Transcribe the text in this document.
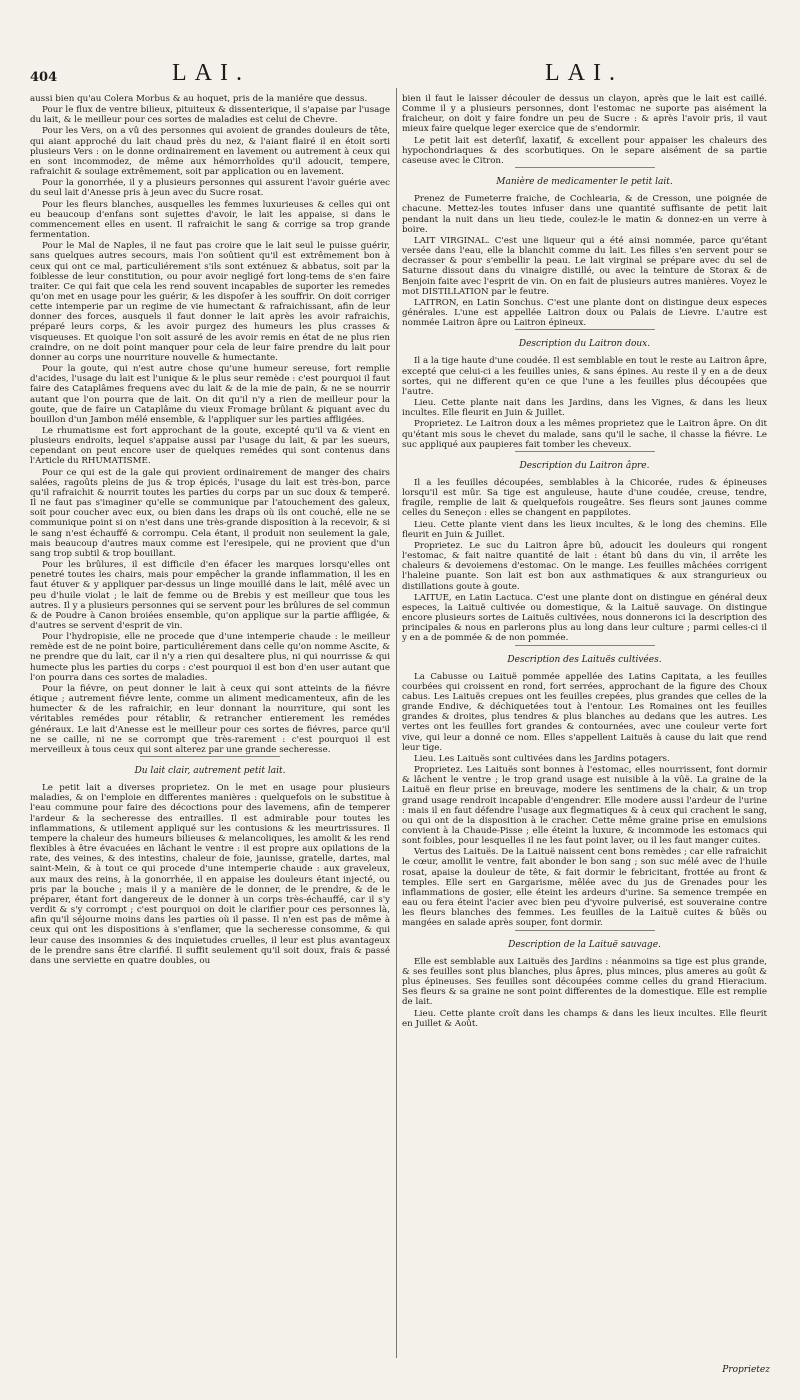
404	LAI.	LAI.

aussi bien qu'au Colera Morbus & au hoquet, pris de la maniére que dessus.

Pour le flux de ventre bilieux, pituiteux & dissenterique, il s'apaise par l'usage du lait, & le meilleur pour ces sortes de maladies est celui de Chevre.

Pour les Vers, on a vû des personnes qui avoient de grandes douleurs de tête, qui aiant approché du lait chaud près du nez, & l'aiant flairé il en étoit sorti plusieurs Vers : on le donne ordinairement en lavement ou autrement à ceux qui en sont incommodez, de même aux hémorrhoïdes qu'il adoucit, tempere, rafraichit & soulage extrêmement, soit par application ou en lavement.

Pour la gonorrhée, il y a plusieurs personnes qui assurent l'avoir guérie avec du seul lait d'Anesse pris à jeun avec du Sucre rosat.

Pour les fleurs blanches, ausquelles les femmes luxurieuses & celles qui ont eu beaucoup d'enfans sont sujettes d'avoir, le lait les appaise, si dans le commencement elles en usent. Il rafraichit le sang & corrige sa trop grande fermentation.

Pour le Mal de Naples, il ne faut pas croire que le lait seul le puisse guérir, sans quelques autres secours, mais l'on soûtient qu'il est extrêmement bon à ceux qui ont ce mal, particuliérement s'ils sont exténuez & abbatus, soit par la foiblesse de leur constitution, ou pour avoir negligé fort long-tems de s'en faire traiter. Ce qui fait que cela les rend souvent incapables de suporter les remedes qu'on met en usage pour les guérir, & les dispoſer à les souffrir. On doit corriger cette intemperie par un regime de vie humectant & rafraichissant, afin de leur donner des forces, ausquels il faut donner le lait après les avoir rafraichis, préparé leurs corps, & les avoir purgez des humeurs les plus crasses & visqueuses. Et quoique l'on soit assuré de les avoir remis en état de ne plus rien craindre, on ne doit point manquer pour cela de leur faire prendre du lait pour donner au corps une nourriture nouvelle & humectante.

Pour la goute, qui n'est autre chose qu'une humeur sereuse, fort remplie d'acides, l'usage du lait est l'unique & le plus seur remède : c'est pourquoi il faut faire des Cataplâmes frequens avec du lait & de la mie de pain, & ne se nourrir autant que l'on pourra que de lait. On dit qu'il n'y a rien de meilleur pour la goute, que de faire un Cataplâme du vieux Fromage brûlant & piquant avec du bouillon d'un Jambon mélé ensemble, & l'appliquer sur les parties affligées.

Le rhumatisme est fort approchant de la goute, excepté qu'il va & vient en plusieurs endroits, lequel s'appaise aussi par l'usage du lait, & par les sueurs, cependant on peut encore user de quelques remédes qui sont contenus dans l'Article du RHUMATISME.

Pour ce qui est de la gale qui provient ordinairement de manger des chairs salées, ragoûts pleins de jus & trop épicés, l'usage du lait est très-bon, parce qu'il rafraichit & nourrit toutes les parties du corps par un suc doux & temperé. Il ne faut pas s'imaginer qu'elle se communique par l'atouchement des galeux, soit pour coucher avec eux, ou bien dans les draps où ils ont couché, elle ne se communique point si on n'est dans une très-grande disposition à la recevoir, & si le sang n'est échauffé & corrompu. Cela étant, il produit non seulement la gale, mais beaucoup d'autres maux comme est l'eresipele, qui ne provient que d'un sang trop subtil & trop bouillant.

Pour les brûlures, il est difficile d'en éfacer les marques lorsqu'elles ont penetré toutes les chairs, mais pour empêcher la grande inflammation, il les en faut étuver & y appliquer par-dessus un linge mouillé dans le lait, mêlé avec un peu d'huile violat ; le lait de femme ou de Brebis y est meilleur que tous les autres. Il y a plusieurs personnes qui se servent pour les brûlures de sel commun & de Poudre à Canon broiées ensemble, qu'on applique sur la partie affligée, & d'autres se servent d'esprit de vin.

Pour l'hydropisie, elle ne procede que d'une intemperie chaude : le meilleur remède est de ne point boire, particuliérement dans celle qu'on nomme Ascite, & ne prendre que du lait, car il n'y a rien qui desaltere plus, ni qui nourrisse & qui humecte plus les parties du corps : c'est pourquoi il est bon d'en user autant que l'on pourra dans ces sortes de maladies.

Pour la fiévre, on peut donner le lait à ceux qui sont atteints de la fiévre étique ; autrement fiévre lente, comme un aliment medicamenteux, afin de les humecter & de les rafraichir, en leur donnant la nourriture, qui sont les véritables remédes pour rétablir, & retrancher entierement les remédes généraux. Le lait d'Anesse est le meilleur pour ces sortes de fiévres, parce qu'il ne se caille, ni ne se corrompt que très-rarement : c'est pourquoi il est merveilleux à tous ceux qui sont alterez par une grande secheresse.

Du lait clair, autrement petit lait.

Le petit lait a diverses proprietez. On le met en usage pour plusieurs maladies, & on l'emploie en differentes manières : quelquefois on le substitue à l'eau commune pour faire des décoctions pour des lavemens, afin de temperer l'ardeur & la secheresse des entrailles. Il est admirable pour toutes les inflammations, & utilement appliqué sur les contusions & les meurtrissures. Il tempere la chaleur des humeurs bilieuses & melancoliques, les amolit & les rend flexibles à être évacuées en lâchant le ventre : il est propre aux opilations de la rate, des veines, & des intestins, chaleur de foie, jaunisse, gratelle, dartes, mal saint-Mein, & à tout ce qui procede d'une intemperie chaude : aux graveleux, aux maux des reins, à la gonorrhée, il en appaise les douleurs étant injecté, ou pris par la bouche ; mais il y a manière de le donner, de le prendre, & de le préparer, étant fort dangereux de le donner à un corps très-échauffé, car il s'y verdit & s'y corrompt ; c'est pourquoi on doit le clarifier pour ces personnes là, afin qu'il séjourne moins dans les parties où il passe. Il n'en est pas de même à ceux qui ont les dispositions à s'enflamer, que la secheresse consomme, & qui leur cause des insomnies & des inquietudes cruelles, il leur est plus avantageux de le prendre sans être clarifié. Il suffit seulement qu'il soit doux, frais & passé dans une serviette en quatre doubles, ou

bien il faut le laisser découler de dessus un clayon, après que le lait est caillé. Comme il y a plusieurs personnes, dont l'estomac ne suporte pas aisément la fraicheur, on doit y faire fondre un peu de Sucre : & après l'avoir pris, il vaut mieux faire quelque leger exercice que de s'endormir.

Le petit lait est deterſif, laxatif, & excellent pour appaiser les chaleurs des hypochondriaques & des scorbutiques. On le separe aisément de sa partie caseuse avec le Citron.

Manière de medicamenter le petit lait.

Prenez de Fumeterre fraiche, de Cochlearia, & de Cresson, une poignée de chacune. Mettez-les toutes infuser dans une quantité suffisante de petit lait pendant la nuit dans un lieu tiede, coulez-le le matin & donnez-en un verre à boire.

LAIT VIRGINAL. C'est une liqueur qui a été ainsi nommée, parce qu'étant versée dans l'eau, elle la blanchit comme du lait. Les filles s'en servent pour se decrasser & pour s'embellir la peau. Le lait virginal se prépare avec du sel de Saturne dissout dans du vinaigre distillé, ou avec la teinture de Storax & de Benjoin faite avec l'esprit de vin. On en fait de plusieurs autres manières. Voyez le mot DISTILLATION par le feutre.

LAITRON, en Latin Sonchus. C'est une plante dont on distingue deux especes générales. L'une est appellée Laitron doux ou Palais de Lievre. L'autre est nommée Laitron âpre ou Laitron épineux.

Description du Laitron doux.

Il a la tige haute d'une coudée. Il est semblable en tout le reste au Laitron âpre, excepté que celui-ci a les feuilles unies, & sans épines. Au reste il y en a de deux sortes, qui ne different qu'en ce que l'une a les feuilles plus découpées que l'autre.

Lieu. Cette plante nait dans les Jardins, dans les Vignes, & dans les lieux incultes. Elle fleurit en Juin & Juillet.

Proprietez. Le Laitron doux a les mêmes proprietez que le Laitron âpre. On dit qu'étant mis sous le chevet du malade, sans qu'il le sache, il chasse la fiévre. Le suc appliqué aux paupieres fait tomber les cheveux.

Description du Laitron âpre.

Il a les feuilles découpées, semblables à la Chicorée, rudes & épineuses lorsqu'il est mûr. Sa tige est anguleuse, haute d'une coudée, creuse, tendre, fragile, remplie de lait & quelquefois rougeâtre. Ses fleurs sont jaunes comme celles du Seneçon : elles se changent en pappilotes.

Lieu. Cette plante vient dans les lieux incultes, & le long des chemins. Elle fleurit en Juin & Juillet.

Proprietez. Le suc du Laitron âpre bû, adoucit les douleurs qui rongent l'estomac, & fait naitre quantité de lait : étant bû dans du vin, il arrête les chaleurs & devoiemens d'estomac. On le mange. Les feuilles mâchées corrigent l'haleine puante. Son lait est bon aux asthmatiques & aux strangurieux ou distillations goute à goute.

LAITUE, en Latin Lactuca. C'est une plante dont on distingue en général deux especes, la Laituë cultivée ou domestique, & la Laituë sauvage. On distingue encore plusieurs sortes de Laituës cultivées, nous donnerons ici la description des principales & nous en parlerons plus au long dans leur culture ; parmi celles-ci il y en a de pommée & de non pommée.

Description des Laituës cultivées.

La Cabusse ou Laituë pommée appellée des Latins Capitata, a les feuilles courbées qui croissent en rond, fort serrées, approchant de la figure des Choux cabus. Les Laituës crepues ont les feuilles crepées, plus grandes que celles de la grande Endive, & déchiquetées tout à l'entour. Les Romaines ont les feuilles grandes & droites, plus tendres & plus blanches au dedans que les autres. Les vertes ont les feuilles fort grandes & contournées, avec une couleur verte fort vive, qui leur a donné ce nom. Elles s'appellent Laituës à cause du lait que rend leur tige.

Lieu. Les Laituës sont cultivées dans les Jardins potagers.

Proprietez. Les Laituës sont bonnes à l'estomac, elles nourrissent, font dormir & lâchent le ventre ; le trop grand usage est nuisible à la vûë. La graine de la Laituë en fleur prise en breuvage, modere les sentimens de la chair, & un trop grand usage rendroit incapable d'engendrer. Elle modere aussi l'ardeur de l'urine : mais il en faut défendre l'usage aux flegmatiques & à ceux qui crachent le sang, ou qui ont de la disposition à le cracher. Cette même graine prise en emulsions convient à la Chaude-Pisse ; elle éteint la luxure, & incommode les estomacs qui sont foibles, pour lesquelles il ne les faut point laver, ou il les faut manger cuites.

Vertus des Laituës. De la Laituë naissent cent bons remèdes ; car elle rafraichit le cœur, amollit le ventre, fait abonder le bon sang ; son suc mélé avec de l'huile rosat, apaise la douleur de tête, & fait dormir le febricitant, frottée au front & temples. Elle sert en Gargarisme, mêlée avec du jus de Grenades pour les inflammations de gosier, elle éteint les ardeurs d'urine. Sa semence trempée en eau ou fera éteint l'acier avec bien peu d'yvoire pulverisé, est souveraine contre les fleurs blanches des femmes. Les feuilles de la Laituë cuites & bûës ou mangées en salade après souper, font dormir.

Description de la Laituë sauvage.

Elle est semblable aux Laituës des Jardins : néanmoins sa tige est plus grande, & ses feuilles sont plus blanches, plus âpres, plus minces, plus ameres au goût & plus épineuses. Ses feuilles sont découpées comme celles du grand Hieracium. Ses fleurs & sa graine ne sont point differentes de la domestique. Elle est remplie de lait.

Lieu. Cette plante croît dans les champs & dans les lieux incultes. Elle fleurit en Juillet & Août.

Proprietez
